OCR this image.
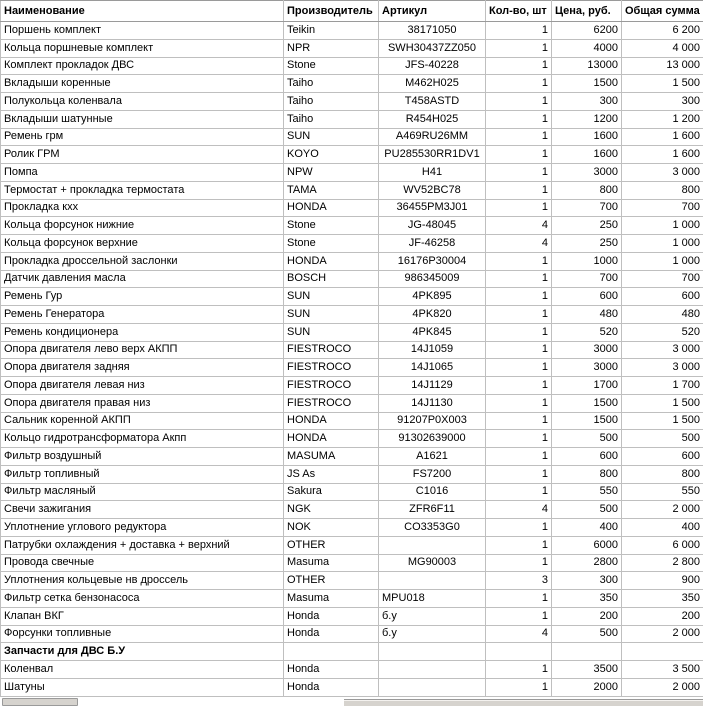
Наименование	Производитель	Артикул	Кол-во, шт	Цена, руб.	Общая сумма
Поршень комплект	Teikin	38171050	1	6200	6 200
Кольца поршневые комплект	NPR	SWH30437ZZ050	1	4000	4 000
Комплект прокладок ДВС	Stone	JFS-40228	1	13000	13 000
Вкладыши коренные	Taiho	M462H025	1	1500	1 500
Полукольца коленвала	Taiho	T458ASTD	1	300	300
Вкладыши шатунные	Taiho	R454H025	1	1200	1 200
Ремень грм	SUN	A469RU26MM	1	1600	1 600
Ролик ГРМ	KOYO	PU285530RR1DV1	1	1600	1 600
Помпа	NPW	H41	1	3000	3 000
Термостат + прокладка термостата	TAMA	WV52BC78	1	800	800
Прокладка кхх	HONDA	36455PM3J01	1	700	700
Кольца форсунок нижние	Stone	JG-48045	4	250	1 000
Кольца форсунок верхние	Stone	JF-46258	4	250	1 000
Прокладка дроссельной заслонки	HONDA	16176P30004	1	1000	1 000
Датчик давления масла	BOSCH	986345009	1	700	700
Ремень Гур	SUN	4PK895	1	600	600
Ремень Генератора	SUN	4PK820	1	480	480
Ремень кондиционера	SUN	4PK845	1	520	520
Опора двигателя лево верх АКПП	FIESTROCO	14J1059	1	3000	3 000
Опора двигателя задняя	FIESTROCO	14J1065	1	3000	3 000
Опора двигателя левая низ	FIESTROCO	14J1129	1	1700	1 700
Опора двигателя правая низ	FIESTROCO	14J1130	1	1500	1 500
Сальник коренной АКПП	HONDA	91207P0X003	1	1500	1 500
Кольцо гидротрансформатора Акпп	HONDA	91302639000	1	500	500
Фильтр воздушный	MASUMA	A1621	1	600	600
Фильтр топливный	JS As	FS7200	1	800	800
Фильтр масляный	Sakura	C1016	1	550	550
Свечи зажигания	NGK	ZFR6F11	4	500	2 000
Уплотнение углового редуктора	NOK	CO3353G0	1	400	400
Патрубки охлаждения + доставка + верхний	OTHER		1	6000	6 000
Провода свечные	Masuma	MG90003	1	2800	2 800
Уплотнения кольцевые нв дроссель	OTHER		3	300	900
Фильтр сетка бензонасоса	Masuma	MPU018	1	350	350
Клапан ВКГ	Honda	б.у	1	200	200
Форсунки топливные	Honda	б.у	4	500	2 000
Запчасти для ДВС Б.У					
Коленвал	Honda		1	3500	3 500
Шатуны	Honda		1	2000	2 000
